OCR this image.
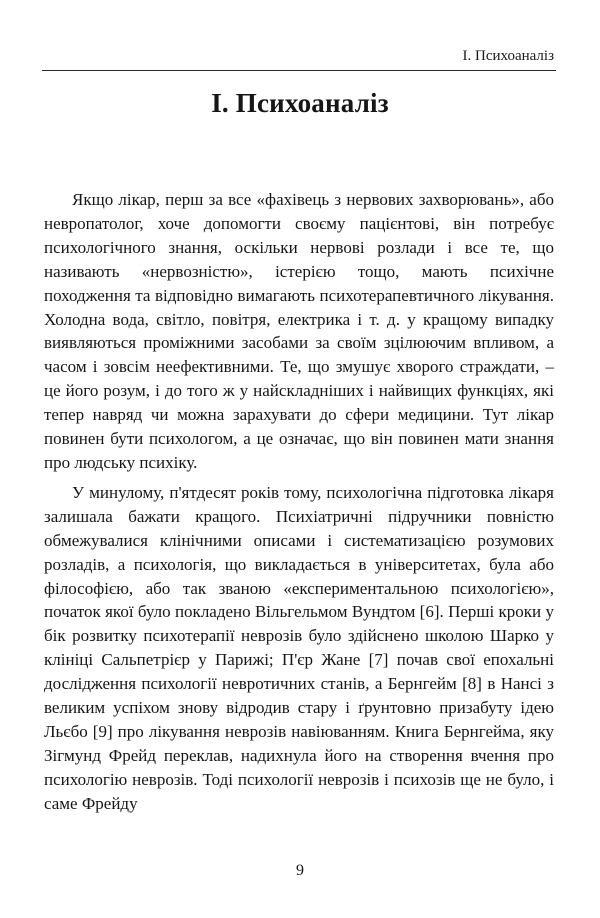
І. Психоаналіз
І. Психоаналіз

Якщо лікар, перш за все «фахівець з нервових захворювань», або невропатолог, хоче допомогти своєму пацієнтові, він потребує психологічного знання, оскільки нервові розлади і все те, що називають «нервозністю», істерією тощо, мають психічне походження та відповідно вимагають психотерапевтичного лікування. Холодна вода, світло, повітря, електрика і т. д. у кращому випадку виявляються проміжними засобами за своїм зцілюючим впливом, а часом і зовсім неефективними. Те, що змушує хворого страждати, – це його розум, і до того ж у найскладніших і найвищих функціях, які тепер навряд чи можна зарахувати до сфери медицини. Тут лікар повинен бути психологом, а це означає, що він повинен мати знання про людську психіку.

У минулому, п'ятдесят років тому, психологічна підготовка лікаря залишала бажати кращого. Психіатричні підручники повністю обмежувалися клінічними описами і систематизацією розумових розладів, а психологія, що викладається в університетах, була або філософією, або так званою «експериментальною психологією», початок якої було покладено Вільгельмом Вундтом [6]. Перші кроки у бік розвитку психотерапії неврозів було здійснено школою Шарко у клініці Сальпетрієр у Парижі; П'єр Жане [7] почав свої епохальні дослідження психології невротичних станів, а Бернгейм [8] в Нансі з великим успіхом знову відродив стару і ґрунтовно призабуту ідею Льєбо [9] про лікування неврозів навіюванням. Книга Бернгейма, яку Зігмунд Фрейд переклав, надихнула його на створення вчення про психологію неврозів. Тоді психології неврозів і психозів ще не було, і саме Фрейду

9
